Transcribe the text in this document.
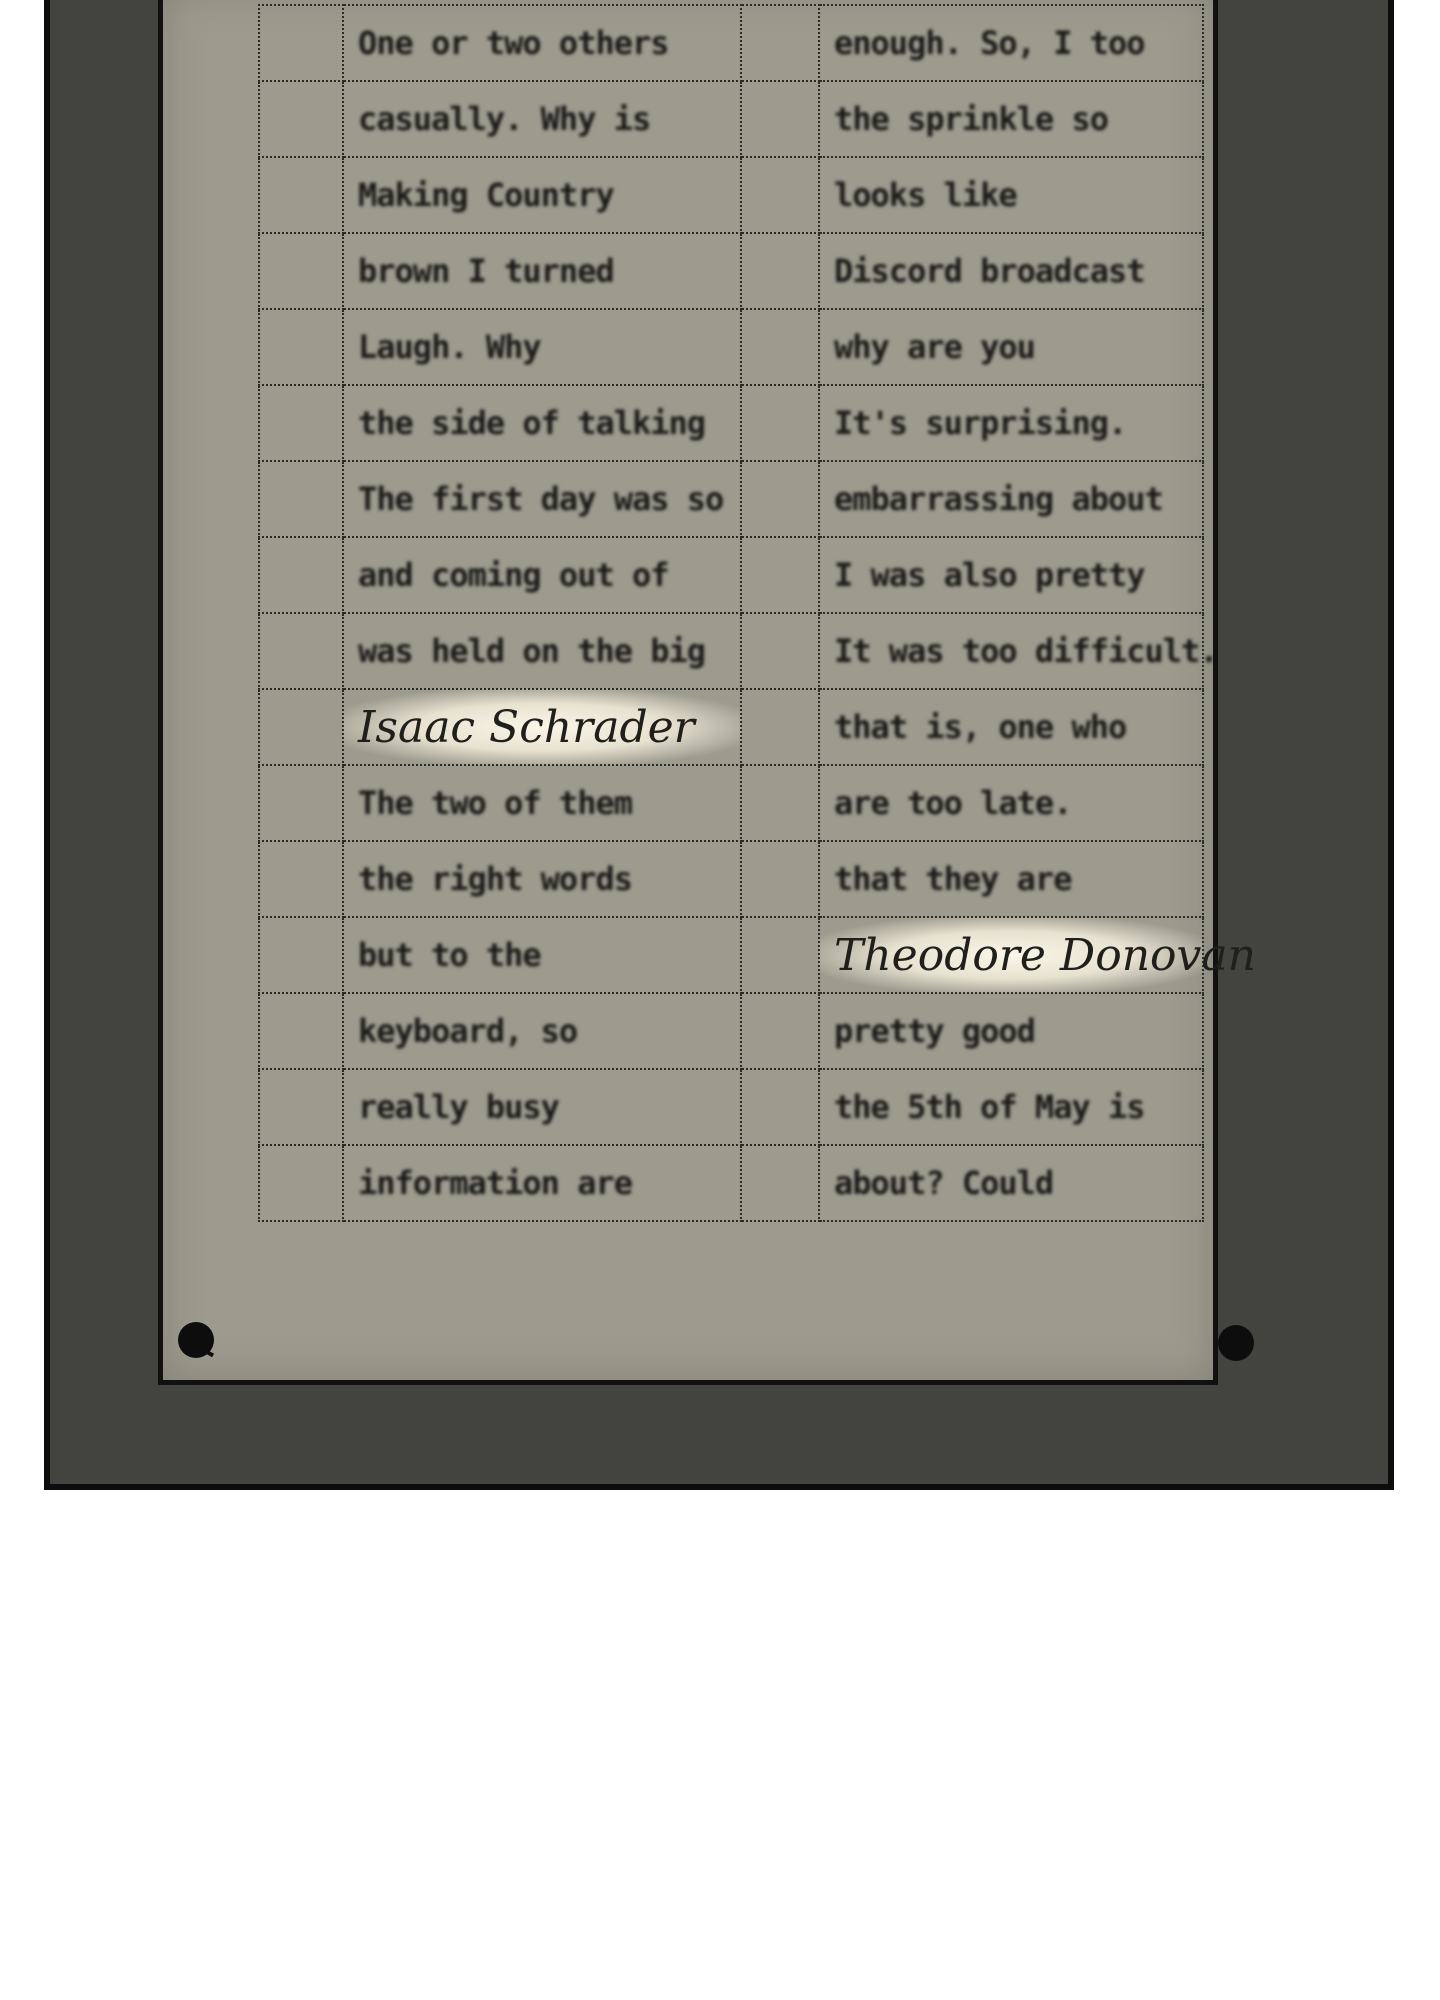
	One or two others		enough. So, I too
	casually. Why is		the sprinkle so
	Making Country		looks like
	brown I turned		Discord broadcast
	Laugh. Why		why are you
	the side of talking		It's surprising.
	The first day was so		embarrassing about
	and coming out of		I was also pretty
	was held on the big		It was too difficult.
	Isaac Schrader		that is, one who
	The two of them		are too late.
	the right words		that they are
	but to the		Theodore Donovan
	keyboard, so		pretty good
	really busy		the 5th of May is
	information are		about? Could
